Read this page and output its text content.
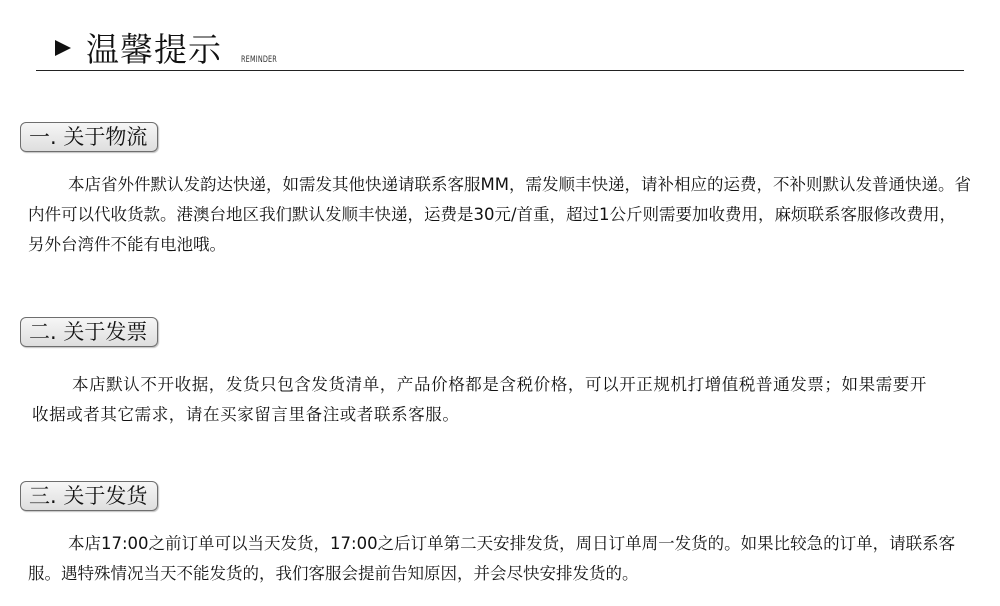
温馨提示 REMINDER
一. 关于物流

本店省外件默认发韵达快递，如需发其他快递请联系客服MM，需发顺丰快递，请补相应的运费，不补则默认发普通快递。省内件可以代收货款。港澳台地区我们默认发顺丰快递，运费是30元/首重，超过1公斤则需要加收费用，麻烦联系客服修改费用，另外台湾件不能有电池哦。

二. 关于发票

本店默认不开收据，发货只包含发货清单，产品价格都是含税价格，可以开正规机打增值税普通发票；如果需要开收据或者其它需求，请在买家留言里备注或者联系客服。

三. 关于发货

本店17:00之前订单可以当天发货，17:00之后订单第二天安排发货，周日订单周一发货的。如果比较急的订单，请联系客服。遇特殊情况当天不能发货的，我们客服会提前告知原因，并会尽快安排发货的。
